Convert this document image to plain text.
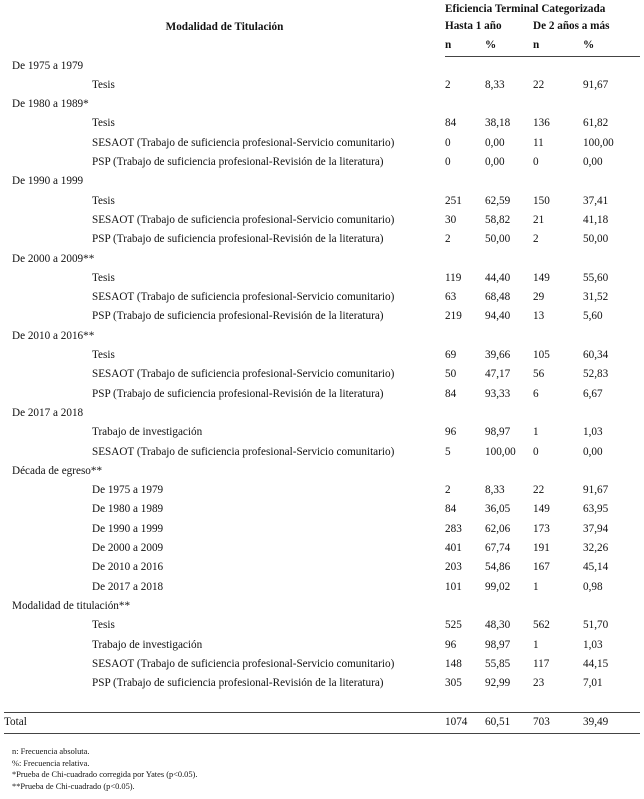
Modalidad de Titulación	Eficiencia Terminal Categorizada			
	Hasta 1 año		De 2 años a más	
	n	%	n	%
De 1975 a 1979				
Tesis	2	8,33	22	91,67
De 1980 a 1989*				
Tesis	84	38,18	136	61,82
SESAOT (Trabajo de suficiencia profesional-Servicio comunitario)	0	0,00	11	100,00
PSP (Trabajo de suficiencia profesional-Revisión de la literatura)	0	0,00	0	0,00
De 1990 a 1999				
Tesis	251	62,59	150	37,41
SESAOT (Trabajo de suficiencia profesional-Servicio comunitario)	30	58,82	21	41,18
PSP (Trabajo de suficiencia profesional-Revisión de la literatura)	2	50,00	2	50,00
De 2000 a 2009**				
Tesis	119	44,40	149	55,60
SESAOT (Trabajo de suficiencia profesional-Servicio comunitario)	63	68,48	29	31,52
PSP (Trabajo de suficiencia profesional-Revisión de la literatura)	219	94,40	13	5,60
De 2010 a 2016**				
Tesis	69	39,66	105	60,34
SESAOT (Trabajo de suficiencia profesional-Servicio comunitario)	50	47,17	56	52,83
PSP (Trabajo de suficiencia profesional-Revisión de la literatura)	84	93,33	6	6,67
De 2017 a 2018				
Trabajo de investigación	96	98,97	1	1,03
SESAOT (Trabajo de suficiencia profesional-Servicio comunitario)	5	100,00	0	0,00
Década de egreso**				
De 1975 a 1979	2	8,33	22	91,67
De 1980 a 1989	84	36,05	149	63,95
De 1990 a 1999	283	62,06	173	37,94
De 2000 a 2009	401	67,74	191	32,26
De 2010 a 2016	203	54,86	167	45,14
De 2017 a 2018	101	99,02	1	0,98
Modalidad de titulación**				
Tesis	525	48,30	562	51,70
Trabajo de investigación	96	98,97	1	1,03
SESAOT (Trabajo de suficiencia profesional-Servicio comunitario)	148	55,85	117	44,15
PSP (Trabajo de suficiencia profesional-Revisión de la literatura)	305	92,99	23	7,01

Total	1074	60,51	703	39,49
n: Frecuencia absoluta.
%: Frecuencia relativa.
*Prueba de Chi-cuadrado corregida por Yates (p<0.05).
**Prueba de Chi-cuadrado (p<0.05).
